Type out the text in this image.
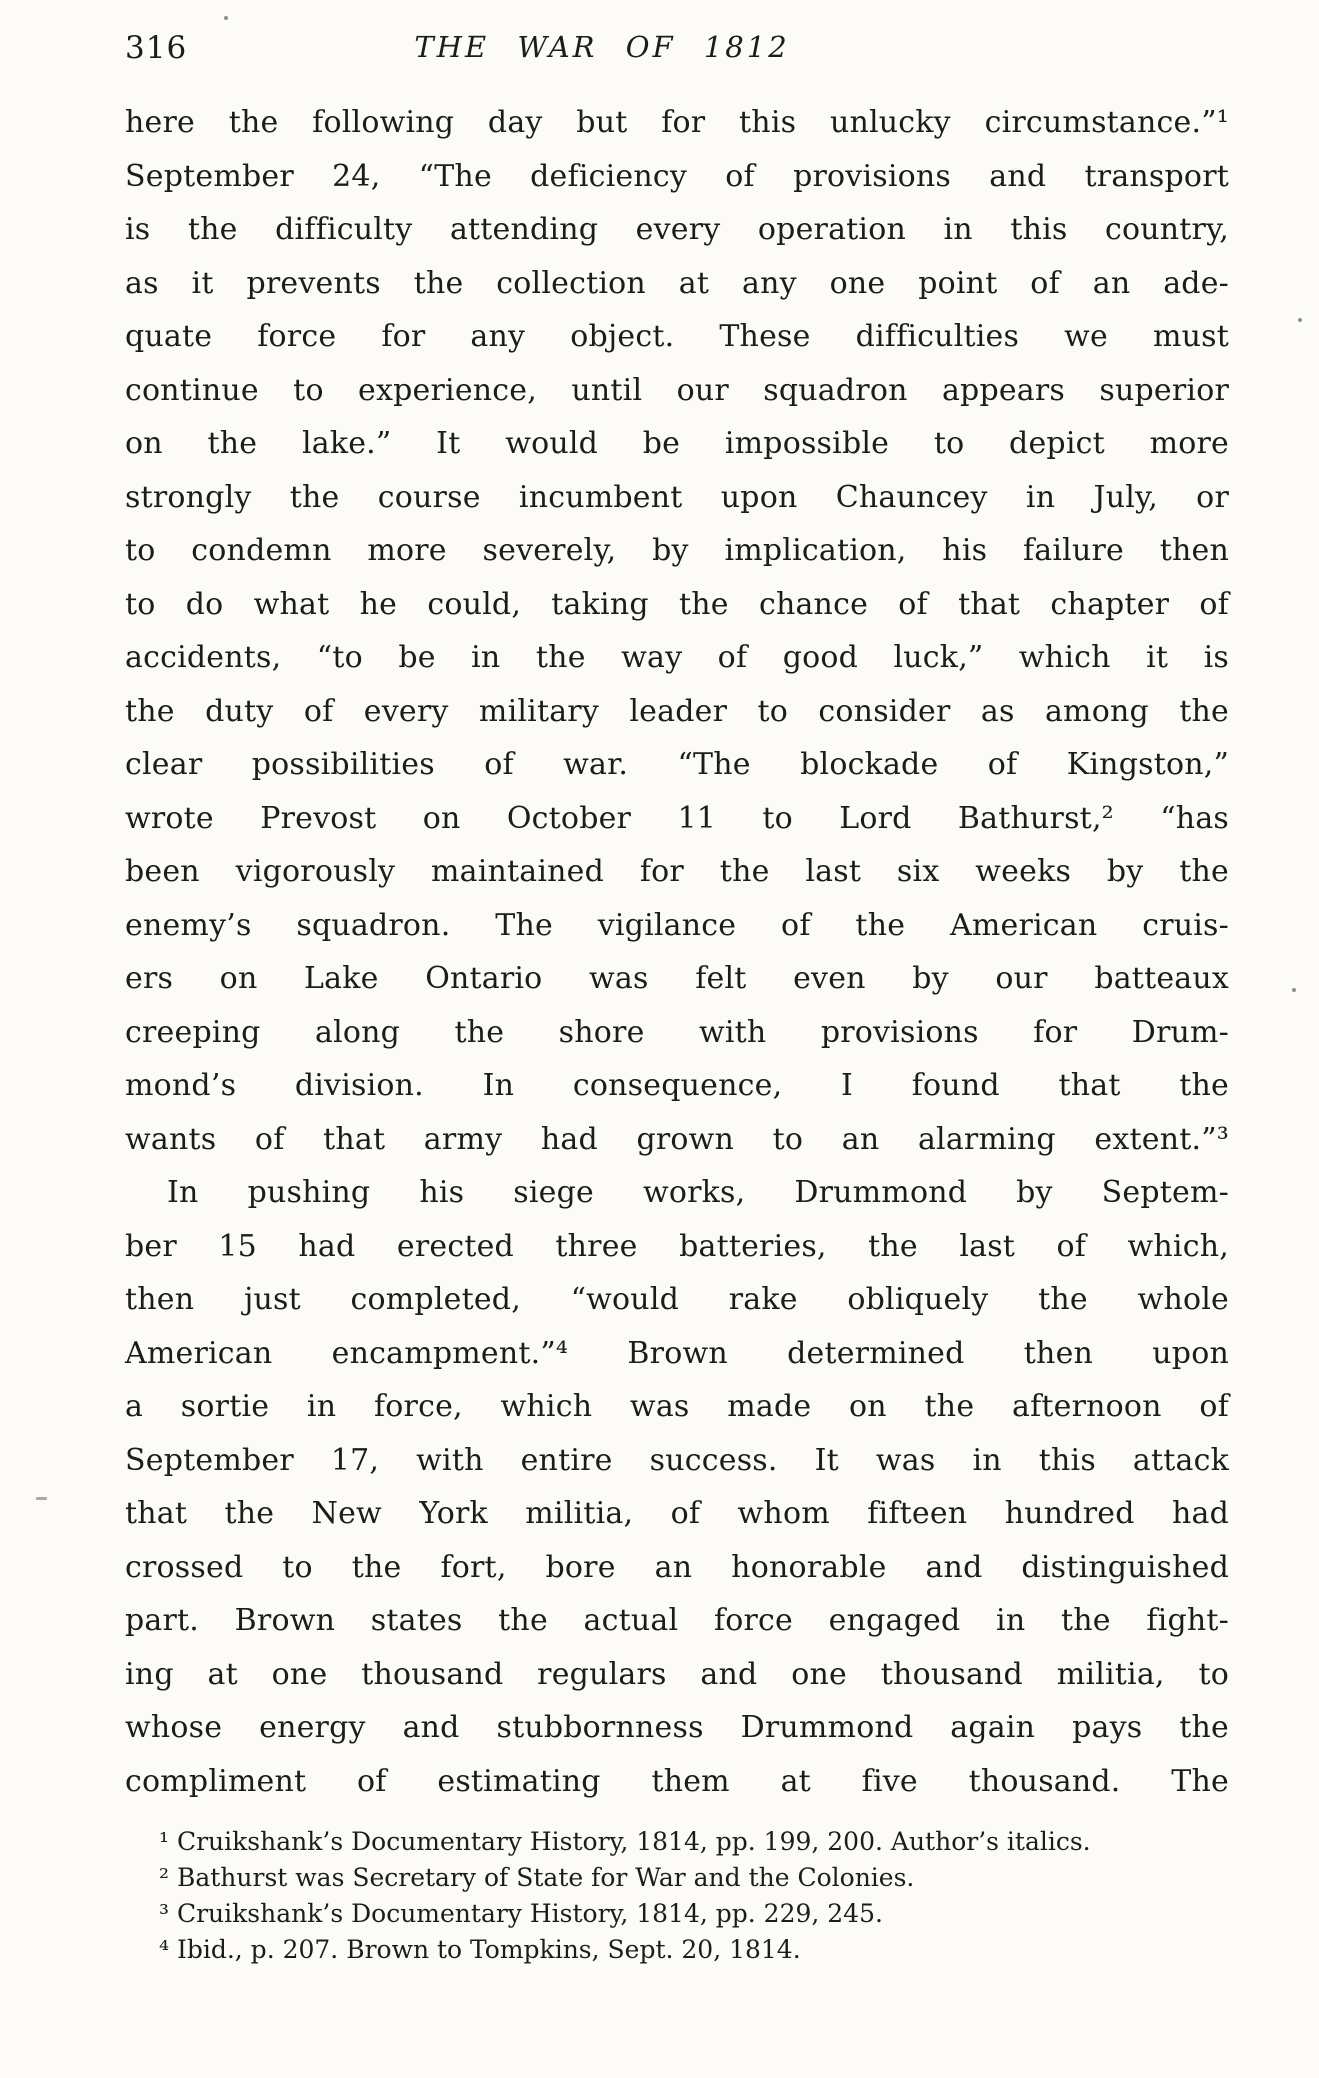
316	THE WAR OF 1812
here the following day but for this unlucky circumstance.”¹
September 24, “The deficiency of provisions and transport
is the difficulty attending every operation in this country,
as it prevents the collection at any one point of an ade-
quate force for any object. These difficulties we must
continue to experience, until our squadron appears superior
on the lake.” It would be impossible to depict more
strongly the course incumbent upon Chauncey in July, or
to condemn more severely, by implication, his failure then
to do what he could, taking the chance of that chapter of
accidents, “to be in the way of good luck,” which it is
the duty of every military leader to consider as among the
clear possibilities of war. “The blockade of Kingston,”
wrote Prevost on October 11 to Lord Bathurst,² “has
been vigorously maintained for the last six weeks by the
enemy’s squadron. The vigilance of the American cruis-
ers on Lake Ontario was felt even by our batteaux
creeping along the shore with provisions for Drum-
mond’s division. In consequence, I found that the
wants of that army had grown to an alarming extent.”³
In pushing his siege works, Drummond by Septem-
ber 15 had erected three batteries, the last of which,
then just completed, “would rake obliquely the whole
American encampment.”⁴ Brown determined then upon
a sortie in force, which was made on the afternoon of
September 17, with entire success. It was in this attack
that the New York militia, of whom fifteen hundred had
crossed to the fort, bore an honorable and distinguished
part. Brown states the actual force engaged in the fight-
ing at one thousand regulars and one thousand militia, to
whose energy and stubbornness Drummond again pays the
compliment of estimating them at five thousand. The
¹ Cruikshank’s Documentary History, 1814, pp. 199, 200. Author’s italics.
² Bathurst was Secretary of State for War and the Colonies.
³ Cruikshank’s Documentary History, 1814, pp. 229, 245.
⁴ Ibid., p. 207. Brown to Tompkins, Sept. 20, 1814.
